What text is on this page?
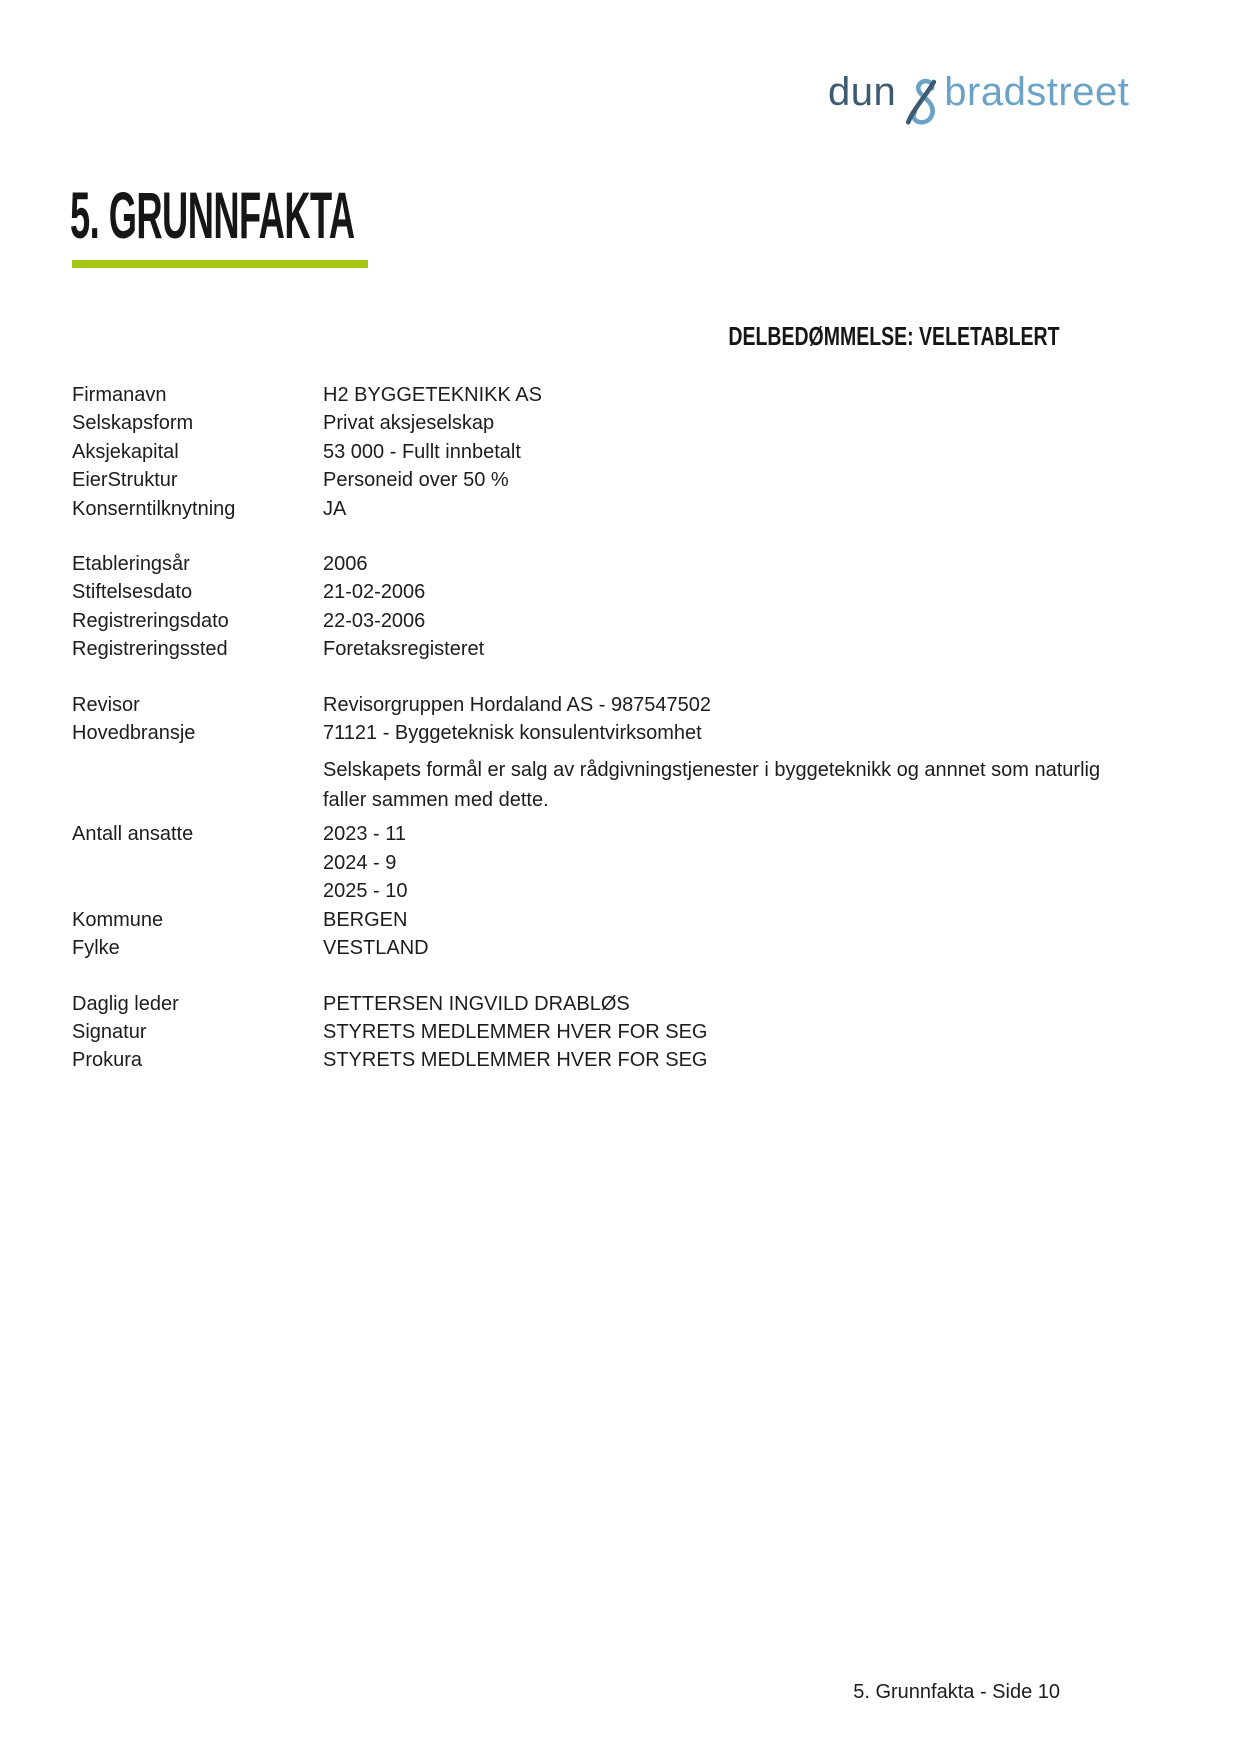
dun bradstreet
5. GRUNNFAKTA
DELBEDØMMELSE: VELETABLERT
Firmanavn	H2 BYGGETEKNIKK AS
Selskapsform	Privat aksjeselskap
Aksjekapital	53 000 - Fullt innbetalt
EierStruktur	Personeid over 50 %
Konserntilknytning	JA
Etableringsår	2006
Stiftelsesdato	21-02-2006
Registreringsdato	22-03-2006
Registreringssted	Foretaksregisteret
Revisor	Revisorgruppen Hordaland AS - 987547502
Hovedbransje	71121 - Byggeteknisk konsulentvirksomhet
Selskapets formål er salg av rådgivningstjenester i byggeteknikk og annnet som naturlig faller sammen med dette.
Antall ansatte	2023 - 11
2024 - 9
2025 - 10
Kommune	BERGEN
Fylke	VESTLAND
Daglig leder	PETTERSEN INGVILD DRABLØS
Signatur	STYRETS MEDLEMMER HVER FOR SEG
Prokura	STYRETS MEDLEMMER HVER FOR SEG
5. Grunnfakta - Side 10
